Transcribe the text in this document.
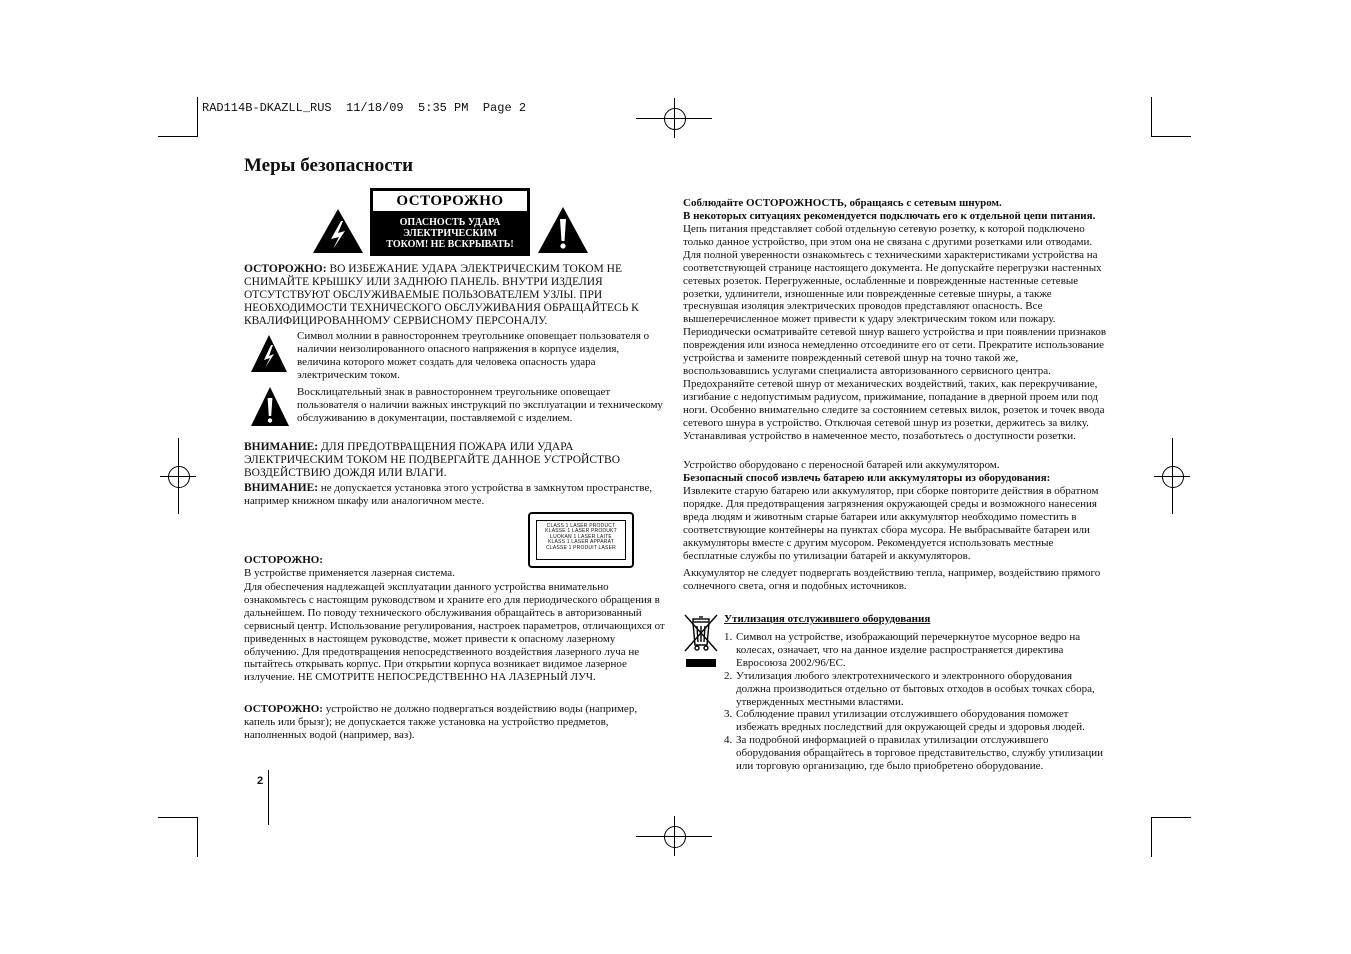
RAD114B-DKAZLL_RUS  11/18/09  5:35 PM  Page 2
Меры безопасности
ОСТОРОЖНО
ОПАСНОСТЬ УДАРА
ЭЛЕКТРИЧЕСКИМ
ТОКОМ! НЕ ВСКРЫВАТЬ!
ОСТОРОЖНО: ВО ИЗБЕЖАНИЕ УДАРА ЭЛЕКТРИЧЕСКИМ ТОКОМ НЕ СНИМАЙТЕ КРЫШКУ ИЛИ ЗАДНЮЮ ПАНЕЛЬ. ВНУТРИ ИЗДЕЛИЯ ОТСУТСТВУЮТ ОБСЛУЖИВАЕМЫЕ ПОЛЬЗОВАТЕЛЕМ УЗЛЫ. ПРИ НЕОБХОДИМОСТИ ТЕХНИЧЕСКОГО ОБСЛУЖИВАНИЯ ОБРАЩАЙТЕСЬ К КВАЛИФИЦИРОВАННОМУ СЕРВИСНОМУ ПЕРСОНАЛУ.
Символ молнии в равностороннем треугольнике оповещает пользователя о наличии неизолированного опасного напряжения в корпусе изделия, величина которого может создать для человека опасность удара электрическим током.
Восклицательный знак в равностороннем треугольнике оповещает пользователя о наличии важных инструкций по эксплуатации и техническому обслуживанию в документации, поставляемой с изделием.
ВНИМАНИЕ: ДЛЯ ПРЕДОТВРАЩЕНИЯ ПОЖАРА ИЛИ УДАРА ЭЛЕКТРИЧЕСКИМ ТОКОМ НЕ ПОДВЕРГАЙТЕ ДАННОЕ УСТРОЙСТВО ВОЗДЕЙСТВИЮ ДОЖДЯ ИЛИ ВЛАГИ.
ВНИМАНИЕ: не допускается установка этого устройства в замкнутом пространстве, например книжном шкафу или аналогичном месте.
CLASS 1 LASER PRODUCT
KLASSE 1 LASER PRODUKT
LUOKAN 1 LASER LAITE
KLASS 1 LASER APPARAT
CLASSE 1 PRODUIT LASER
ОСТОРОЖНО:
В устройстве применяется лазерная система.
Для обеспечения надлежащей эксплуатации данного устройства внимательно ознакомьтесь с настоящим руководством и храните его для периодического обращения в дальнейшем. По поводу технического обслуживания обращайтесь в авторизованный сервисный центр. Использование регулирования, настроек параметров, отличающихся от приведенных в настоящем руководстве, может привести к опасному лазерному облучению. Для предотвращения непосредственного воздействия лазерного луча не пытайтесь открывать корпус. При открытии корпуса возникает видимое лазерное излучение. НЕ СМОТРИТЕ НЕПОСРЕДСТВЕННО НА ЛАЗЕРНЫЙ ЛУЧ.
ОСТОРОЖНО: устройство не должно подвергаться воздействию воды (например, капель или брызг); не допускается также установка на устройство предметов, наполненных водой (например, ваз).
2
Соблюдайте ОСТОРОЖНОСТЬ, обращаясь с сетевым шнуром.
В некоторых ситуациях рекомендуется подключать его к отдельной цепи питания.
Цепь питания представляет собой отдельную сетевую розетку, к которой подключено только данное устройство, при этом она не связана с другими розетками или отводами. Для полной уверенности ознакомьтесь с техническими характеристиками устройства на соответствующей странице настоящего документа. Не допускайте перегрузки настенных сетевых розеток. Перегруженные, ослабленные и поврежденные настенные сетевые розетки, удлинители, изношенные или поврежденные сетевые шнуры, а также треснувшая изоляция электрических проводов представляют опасность. Все вышеперечисленное может привести к удару электрическим током или пожару. Периодически осматривайте сетевой шнур вашего устройства и при появлении признаков повреждения или износа немедленно отсоедините его от сети. Прекратите использование устройства и замените поврежденный сетевой шнур на точно такой же, воспользовавшись услугами специалиста авторизованного сервисного центра. Предохраняйте сетевой шнур от механических воздействий, таких, как перекручивание, изгибание с недопустимым радиусом, прижимание, попадание в дверной проем или под ноги. Особенно внимательно следите за состоянием сетевых вилок, розеток и точек ввода сетевого шнура в устройство. Отключая сетевой шнур из розетки, держитесь за вилку. Устанавливая устройство в намеченное место, позаботьтесь о доступности розетки.
Устройство оборудовано с переносной батарей или аккумулятором.
Безопасный способ извлечь батарею или аккумуляторы из оборудования:
Извлеките старую батарею или аккумулятор, при сборке повторите действия в обратном порядке. Для предотвращения загрязнения окружающей среды и возможного нанесения вреда людям и животным старые батареи или аккумулятор необходимо поместить в соответствующие контейнеры на пунктах сбора мусора. Не выбрасывайте батареи или аккумуляторы вместе с другим мусором. Рекомендуется использовать местные бесплатные службы по утилизации батарей и аккумуляторов.
Аккумулятор не следует подвергать воздействию тепла, например, воздействию прямого солнечного света, огня и подобных источников.
Утилизация отслужившего оборудования
1. Символ на устройстве, изображающий перечеркнутое мусорное ведро на колесах, означает, что на данное изделие распространяется директива Евросоюза 2002/96/EC.
2. Утилизация любого электротехнического и электронного оборудования должна производиться отдельно от бытовых отходов в особых точках сбора, утвержденных местными властями.
3. Соблюдение правил утилизации отслужившего оборудования поможет избежать вредных последствий для окружающей среды и здоровья людей.
4. За подробной информацией о правилах утилизации отслужившего оборудования обращайтесь в торговое представительство, службу утилизации или торговую организацию, где было приобретено оборудование.
